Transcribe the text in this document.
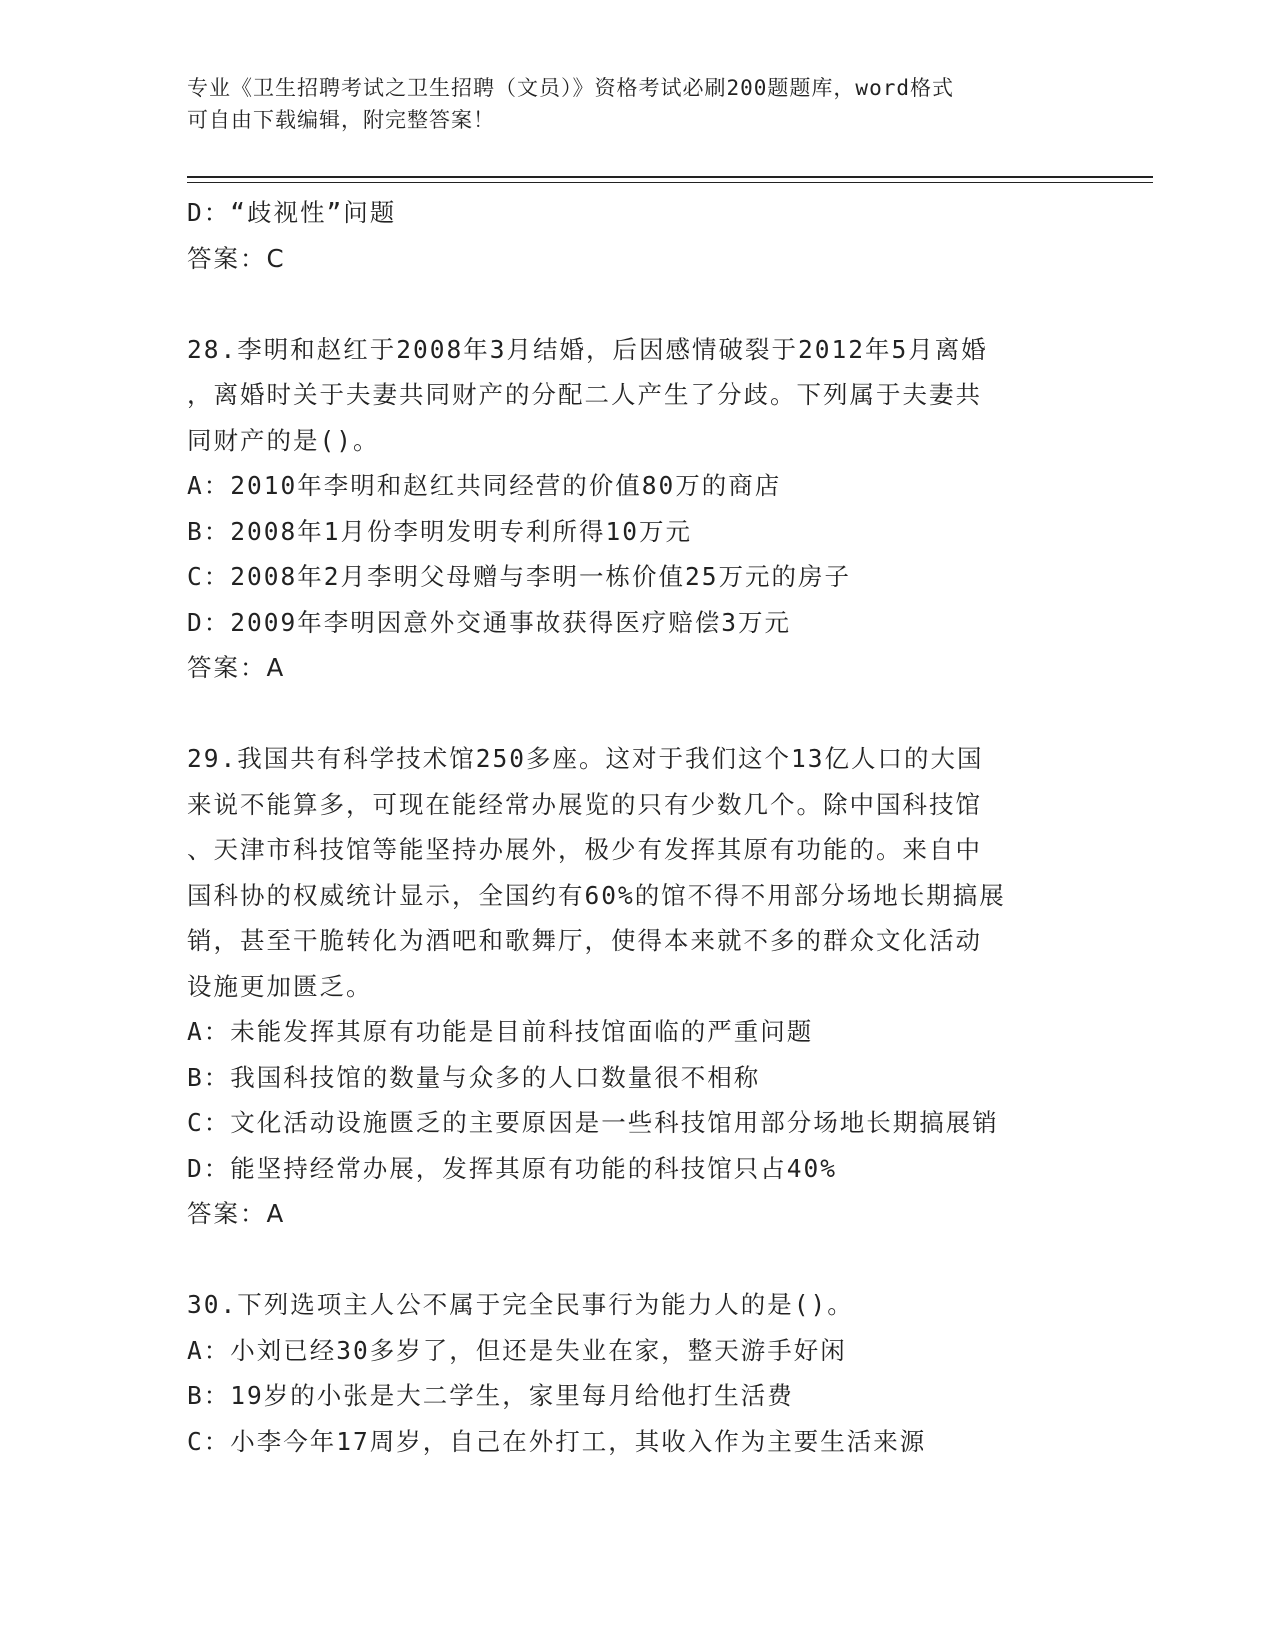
专业《卫生招聘考试之卫生招聘（文员）》资格考试必刷200题题库，word格式
可自由下载编辑，附完整答案！
D：“歧视性”问题
答案：C
28.李明和赵红于2008年3月结婚，后因感情破裂于2012年5月离婚
，离婚时关于夫妻共同财产的分配二人产生了分歧。下列属于夫妻共
同财产的是()。
A：2010年李明和赵红共同经营的价值80万的商店
B：2008年1月份李明发明专利所得10万元
C：2008年2月李明父母赠与李明一栋价值25万元的房子
D：2009年李明因意外交通事故获得医疗赔偿3万元
答案：A
29.我国共有科学技术馆250多座。这对于我们这个13亿人口的大国
来说不能算多，可现在能经常办展览的只有少数几个。除中国科技馆
、天津市科技馆等能坚持办展外，极少有发挥其原有功能的。来自中
国科协的权威统计显示，全国约有60%的馆不得不用部分场地长期搞展
销，甚至干脆转化为酒吧和歌舞厅，使得本来就不多的群众文化活动
设施更加匮乏。
A：未能发挥其原有功能是目前科技馆面临的严重问题
B：我国科技馆的数量与众多的人口数量很不相称
C：文化活动设施匮乏的主要原因是一些科技馆用部分场地长期搞展销
D：能坚持经常办展，发挥其原有功能的科技馆只占40%
答案：A
30.下列选项主人公不属于完全民事行为能力人的是()。
A：小刘已经30多岁了，但还是失业在家，整天游手好闲
B：19岁的小张是大二学生，家里每月给他打生活费
C：小李今年17周岁，自己在外打工，其收入作为主要生活来源
